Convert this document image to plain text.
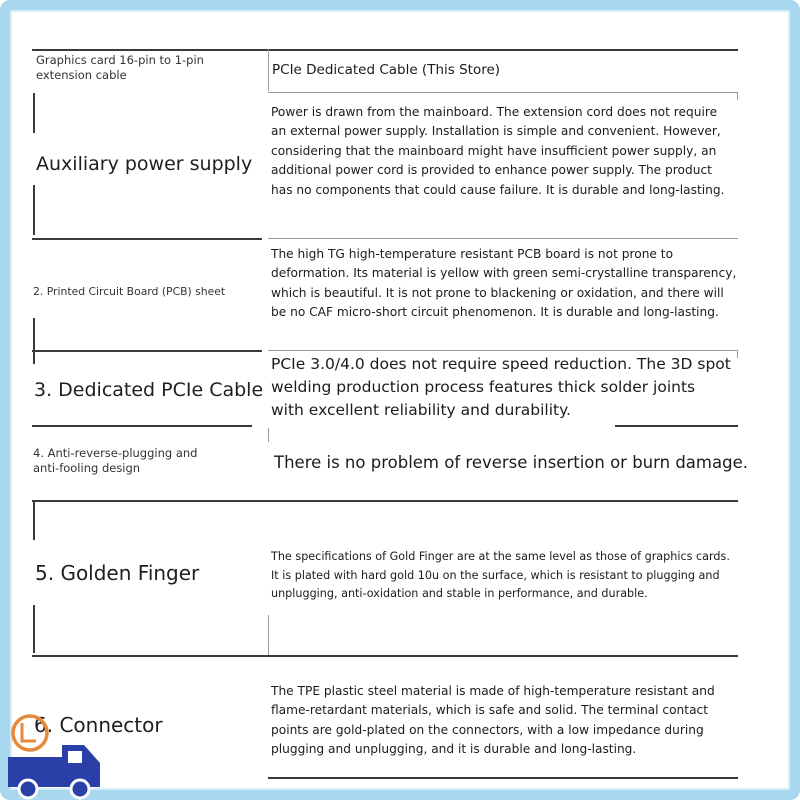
Graphics card 16-pin to 1-pin extension cable	PCIe Dedicated Cable (This Store)
Auxiliary power supply
Power is drawn from the mainboard. The extension cord does not require an external power supply. Installation is simple and convenient. However, considering that the mainboard might have insufficient power supply, an additional power cord is provided to enhance power supply. The product has no components that could cause failure. It is durable and long-lasting.
2. Printed Circuit Board (PCB) sheet
The high TG high-temperature resistant PCB board is not prone to deformation. Its material is yellow with green semi-crystalline transparency, which is beautiful. It is not prone to blackening or oxidation, and there will be no CAF micro-short circuit phenomenon. It is durable and long-lasting.
3. Dedicated PCIe Cable
PCIe 3.0/4.0 does not require speed reduction. The 3D spot welding production process features thick solder joints with excellent reliability and durability.
4. Anti-reverse-plugging and anti-fooling design	There is no problem of reverse insertion or burn damage.
5. Golden Finger
The specifications of Gold Finger are at the same level as those of graphics cards. It is plated with hard gold 10u on the surface, which is resistant to plugging and unplugging, anti-oxidation and stable in performance, and durable.
6. Connector
The TPE plastic steel material is made of high-temperature resistant and flame-retardant materials, which is safe and solid. The terminal contact points are gold-plated on the connectors, with a low impedance during plugging and unplugging, and it is durable and long-lasting.
